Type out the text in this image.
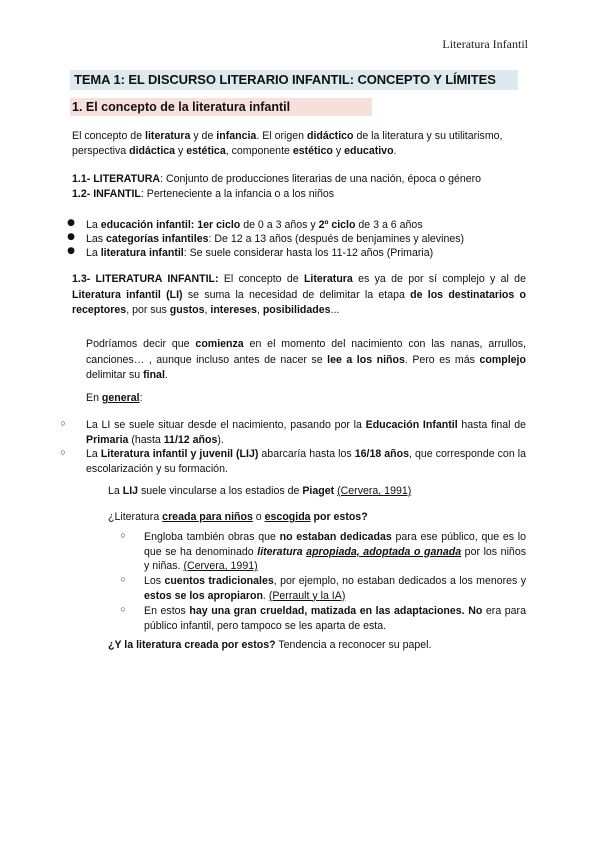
Literatura Infantil
TEMA 1: EL DISCURSO LITERARIO INFANTIL: CONCEPTO Y LÍMITES
1. El concepto de la literatura infantil
El concepto de literatura y de infancia. El origen didáctico de la literatura y su utilitarismo, perspectiva didáctica y estética, componente estético y educativo.
1.1- LITERATURA: Conjunto de producciones literarias de una nación, época o género
1.2- INFANTIL: Perteneciente a la infancia o a los niños
● La educación infantil: 1er ciclo de 0 a 3 años y 2º ciclo de 3 a 6 años
● Las categorías infantiles: De 12 a 13 años (después de benjamines y alevines)
● La literatura infantil: Se suele considerar hasta los 11-12 años (Primaria)
1.3- LITERATURA INFANTIL: El concepto de Literatura es ya de por sí complejo y al de Literatura infantil (LI) se suma la necesidad de delimitar la etapa de los destinatarios o receptores, por sus gustos, intereses, posibilidades...
Podríamos decir que comienza en el momento del nacimiento con las nanas, arrullos, canciones… , aunque incluso antes de nacer se lee a los niños. Pero es más complejo delimitar su final.
En general:
○	La LI se suele situar desde el nacimiento, pasando por la Educación Infantil hasta final de Primaria (hasta 11/12 años).
○	La Literatura infantil y juvenil (LIJ) abarcaría hasta los 16/18 años, que corresponde con la escolarización y su formación.
La LIJ suele vincularse a los estadios de Piaget (Cervera, 1991)
¿Literatura creada para niños o escogida por estos?
○	Engloba también obras que no estaban dedicadas para ese público, que es lo que se ha denominado literatura apropiada, adoptada o ganada por los niños y niñas. (Cervera, 1991)
○	Los cuentos tradicionales, por ejemplo, no estaban dedicados a los menores y estos se los apropiaron. (Perrault y la IA)
○	En estos hay una gran crueldad, matizada en las adaptaciones. No era para público infantil, pero tampoco se les aparta de esta.
¿Y la literatura creada por estos? Tendencia a reconocer su papel.
